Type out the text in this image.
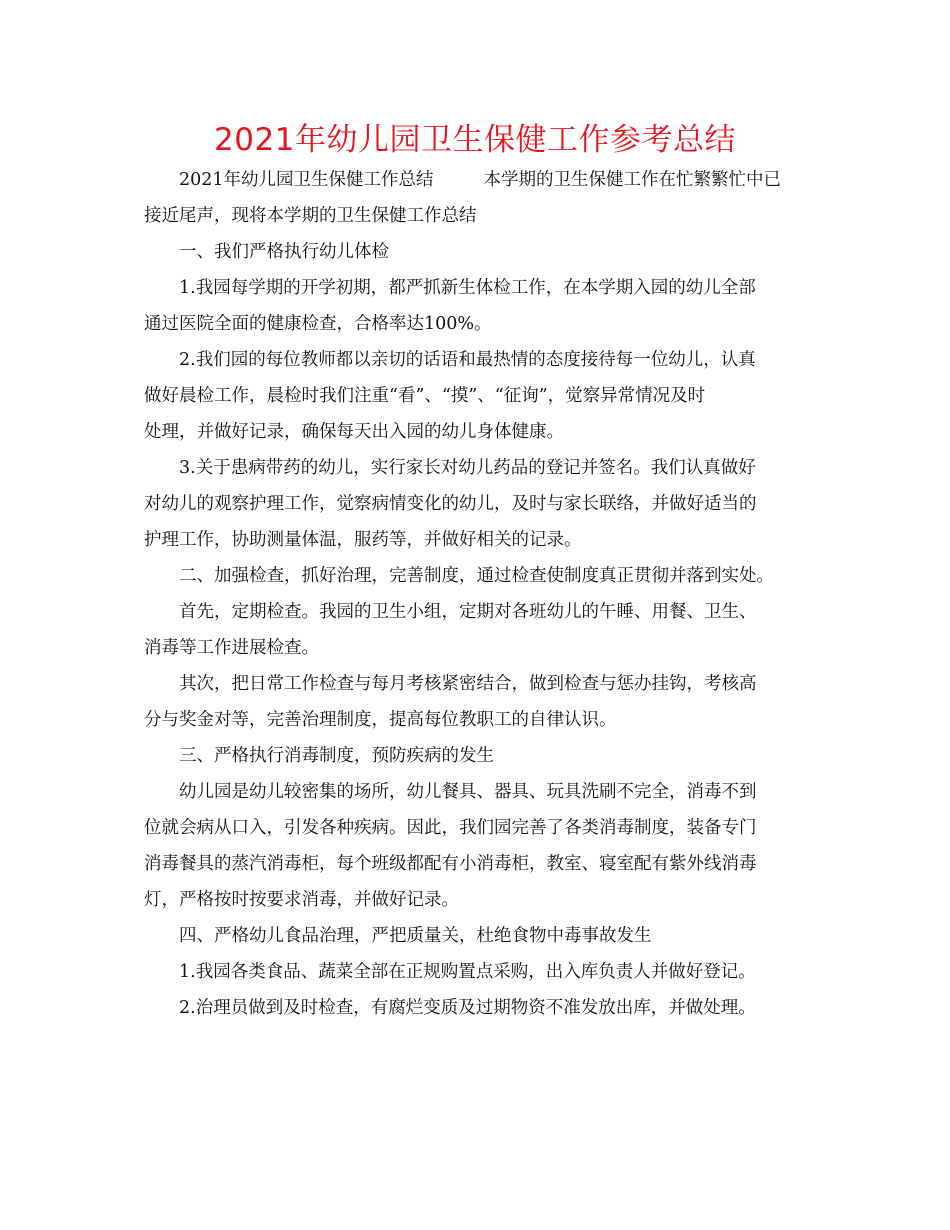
2021年幼儿园卫生保健工作参考总结

2021年幼儿园卫生保健工作总结	本学期的卫生保健工作在忙繁繁忙中已

接近尾声，现将本学期的卫生保健工作总结
一、我们严格执行幼儿体检
1.我园每学期的开学初期，都严抓新生体检工作，在本学期入园的幼儿全部
通过医院全面的健康检查，合格率达100%。
2.我们园的每位教师都以亲切的话语和最热情的态度接待每一位幼儿，认真
做好晨检工作，晨检时我们注重“看”、“摸”、“征询”，觉察异常情况及时
处理，并做好记录，确保每天出入园的幼儿身体健康。
3.关于患病带药的幼儿，实行家长对幼儿药品的登记并签名。我们认真做好
对幼儿的观察护理工作，觉察病情变化的幼儿，及时与家长联络，并做好适当的
护理工作，协助测量体温，服药等，并做好相关的记录。
二、加强检查，抓好治理，完善制度，通过检查使制度真正贯彻并落到实处。
首先，定期检查。我园的卫生小组，定期对各班幼儿的午睡、用餐、卫生、
消毒等工作进展检查。
其次，把日常工作检查与每月考核紧密结合，做到检查与惩办挂钩，考核高
分与奖金对等，完善治理制度，提高每位教职工的自律认识。
三、严格执行消毒制度，预防疾病的发生
幼儿园是幼儿较密集的场所，幼儿餐具、器具、玩具洗刷不完全，消毒不到
位就会病从口入，引发各种疾病。因此，我们园完善了各类消毒制度，装备专门
消毒餐具的蒸汽消毒柜，每个班级都配有小消毒柜，教室、寝室配有紫外线消毒
灯，严格按时按要求消毒，并做好记录。
四、严格幼儿食品治理，严把质量关，杜绝食物中毒事故发生
1.我园各类食品、蔬菜全部在正规购置点采购，出入库负责人并做好登记。
2.治理员做到及时检查，有腐烂变质及过期物资不准发放出库，并做处理。
